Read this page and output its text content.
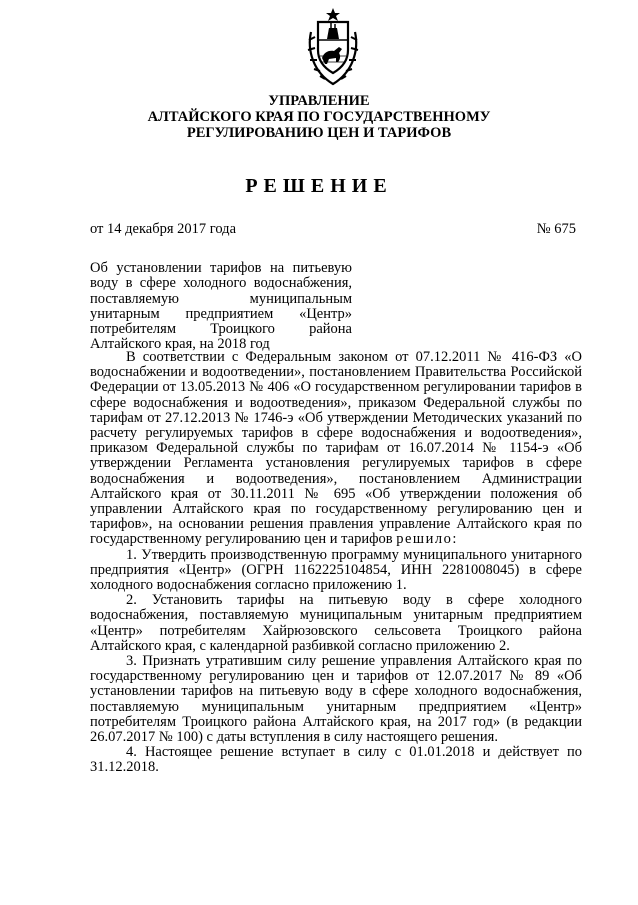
УПРАВЛЕНИЕ
АЛТАЙСКОГО КРАЯ ПО ГОСУДАРСТВЕННОМУ
РЕГУЛИРОВАНИЮ ЦЕН И ТАРИФОВ
РЕШЕНИЕ
от 14 декабря 2017 года	№ 675

Об установлении тарифов на питьевую воду в сфере холодного водоснабжения, поставляемую муниципальным унитарным предприятием «Центр» потребителям Троицкого района Алтайского края, на 2018 год

В соответствии с Федеральным законом от 07.12.2011 № 416-ФЗ «О водоснабжении и водоотведении», постановлением Правительства Российской Федерации от 13.05.2013 № 406 «О государственном регулировании тарифов в сфере водоснабжения и водоотведения», приказом Федеральной службы по тарифам от 27.12.2013 № 1746-э «Об утверждении Методических указаний по расчету регулируемых тарифов в сфере водоснабжения и водоотведения», приказом Федеральной службы по тарифам от 16.07.2014 № 1154-э «Об утверждении Регламента установления регулируемых тарифов в сфере водоснабжения и водоотведения», постановлением Администрации Алтайского края от 30.11.2011 № 695 «Об утверждении положения об управлении Алтайского края по государственному регулированию цен и тарифов», на основании решения правления управление Алтайского края по государственному регулированию цен и тарифов решило:

1. Утвердить производственную программу муниципального унитарного предприятия «Центр» (ОГРН 1162225104854, ИНН 2281008045) в сфере холодного водоснабжения согласно приложению 1.

2. Установить тарифы на питьевую воду в сфере холодного водоснабжения, поставляемую муниципальным унитарным предприятием «Центр» потребителям Хайрюзовского сельсовета Троицкого района Алтайского края, с календарной разбивкой согласно приложению 2.

3. Признать утратившим силу решение управления Алтайского края по государственному регулированию цен и тарифов от 12.07.2017 № 89 «Об установлении тарифов на питьевую воду в сфере холодного водоснабжения, поставляемую муниципальным унитарным предприятием «Центр» потребителям Троицкого района Алтайского края, на 2017 год» (в редакции 26.07.2017 № 100) с даты вступления в силу настоящего решения.

4. Настоящее решение вступает в силу с 01.01.2018 и действует по 31.12.2018.
